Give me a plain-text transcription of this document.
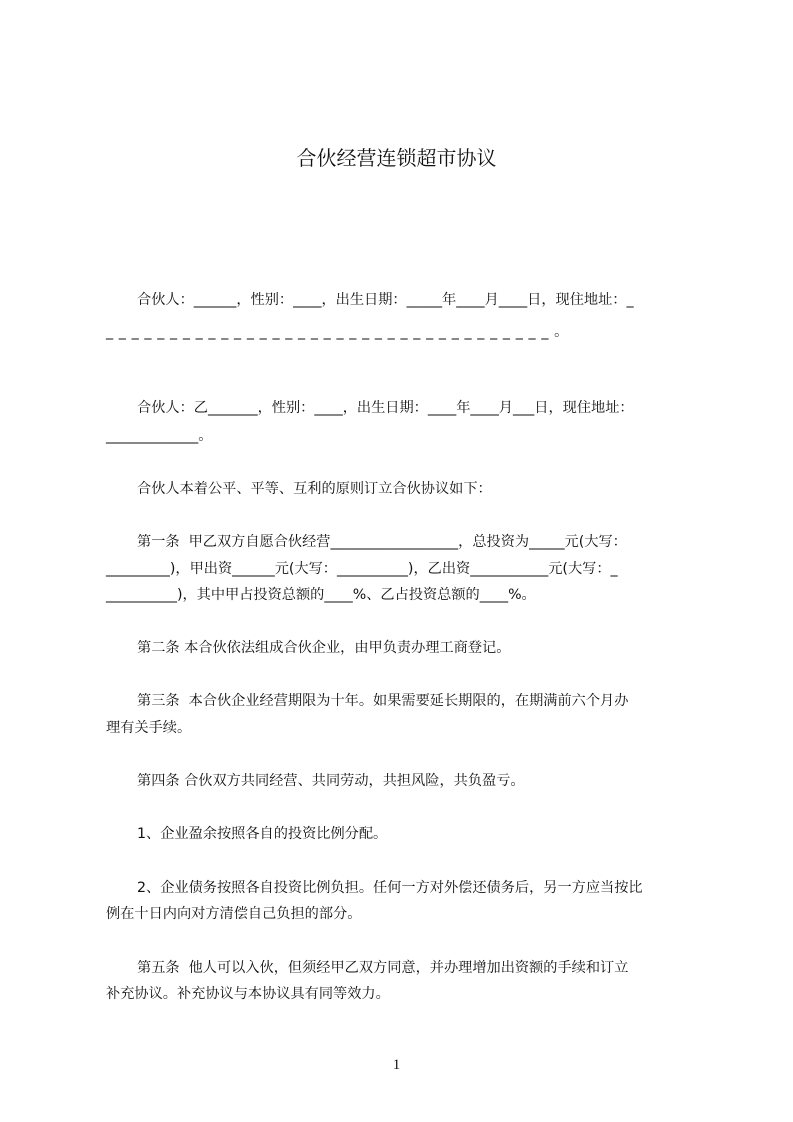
合伙经营连锁超市协议
合伙人：______，性别：____，出生日期：_____年____月____日，现住地址：_
_ _ _ _ _ _ _ _ _ _ _ _ _ _ _ _ _ _ _ _ _ _ _ _ _ _ _ _ _ _ _ _ _ _ _ 。
合伙人：乙_______，性别：____，出生日期：____年____月___日，现住地址：
_____________。
合伙人本着公平、平等、互利的原则订立合伙协议如下：
第一条  甲乙双方自愿合伙经营__________________，总投资为_____元(大写：
_________)，甲出资______元(大写：__________)，乙出资___________元(大写：_
__________)，其中甲占投资总额的____%、乙占投资总额的____%。
第二条 本合伙依法组成合伙企业，由甲负责办理工商登记。
第三条  本合伙企业经营期限为十年。如果需要延长期限的，在期满前六个月办
理有关手续。
第四条 合伙双方共同经营、共同劳动，共担风险，共负盈亏。
1、企业盈余按照各自的投资比例分配。
2、企业债务按照各自投资比例负担。任何一方对外偿还债务后，另一方应当按比
例在十日内向对方清偿自己负担的部分。
第五条  他人可以入伙，但须经甲乙双方同意，并办理增加出资额的手续和订立
补充协议。补充协议与本协议具有同等效力。
1
